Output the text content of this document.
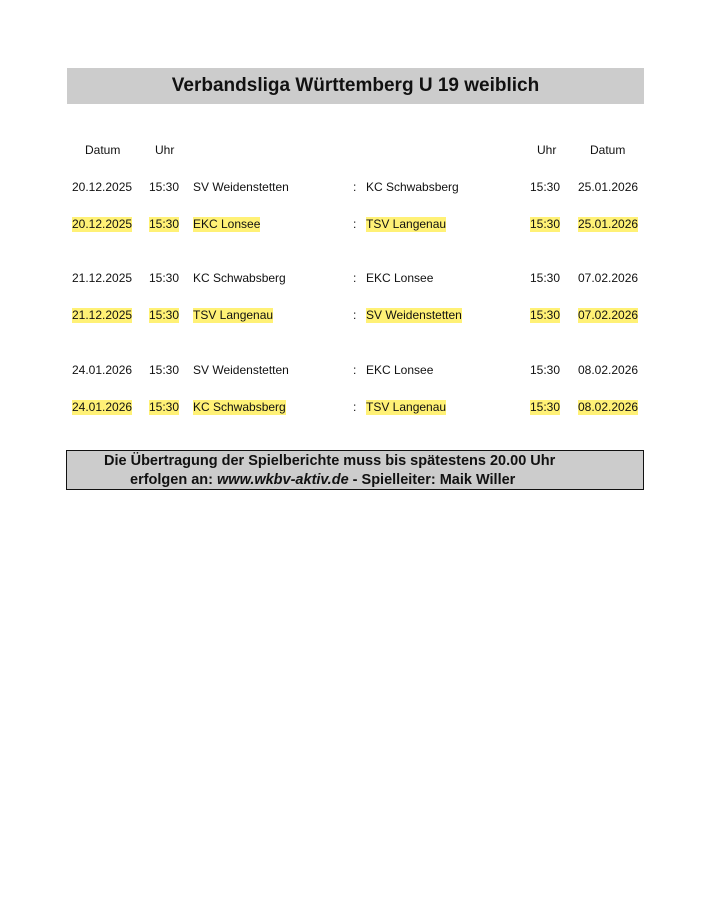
Verbandsliga Württemberg U 19 weiblich
Datum	Uhr	Uhr	Datum
20.12.2025 15:30 SV Weidenstetten	: KC Schwabsberg	15:30 25.01.2026
20.12.2025 15:30 EKC Lonsee	: TSV Langenau	15:30 25.01.2026
21.12.2025 15:30 KC Schwabsberg	: EKC Lonsee	15:30 07.02.2026
21.12.2025 15:30 TSV Langenau	: SV Weidenstetten	15:30 07.02.2026
24.01.2026 15:30 SV Weidenstetten	: EKC Lonsee	15:30 08.02.2026
24.01.2026 15:30 KC Schwabsberg	: TSV Langenau	15:30 08.02.2026
Die Übertragung der Spielberichte muss bis spätestens 20.00 Uhr
erfolgen an: www.wkbv-aktiv.de - Spielleiter: Maik Willer
